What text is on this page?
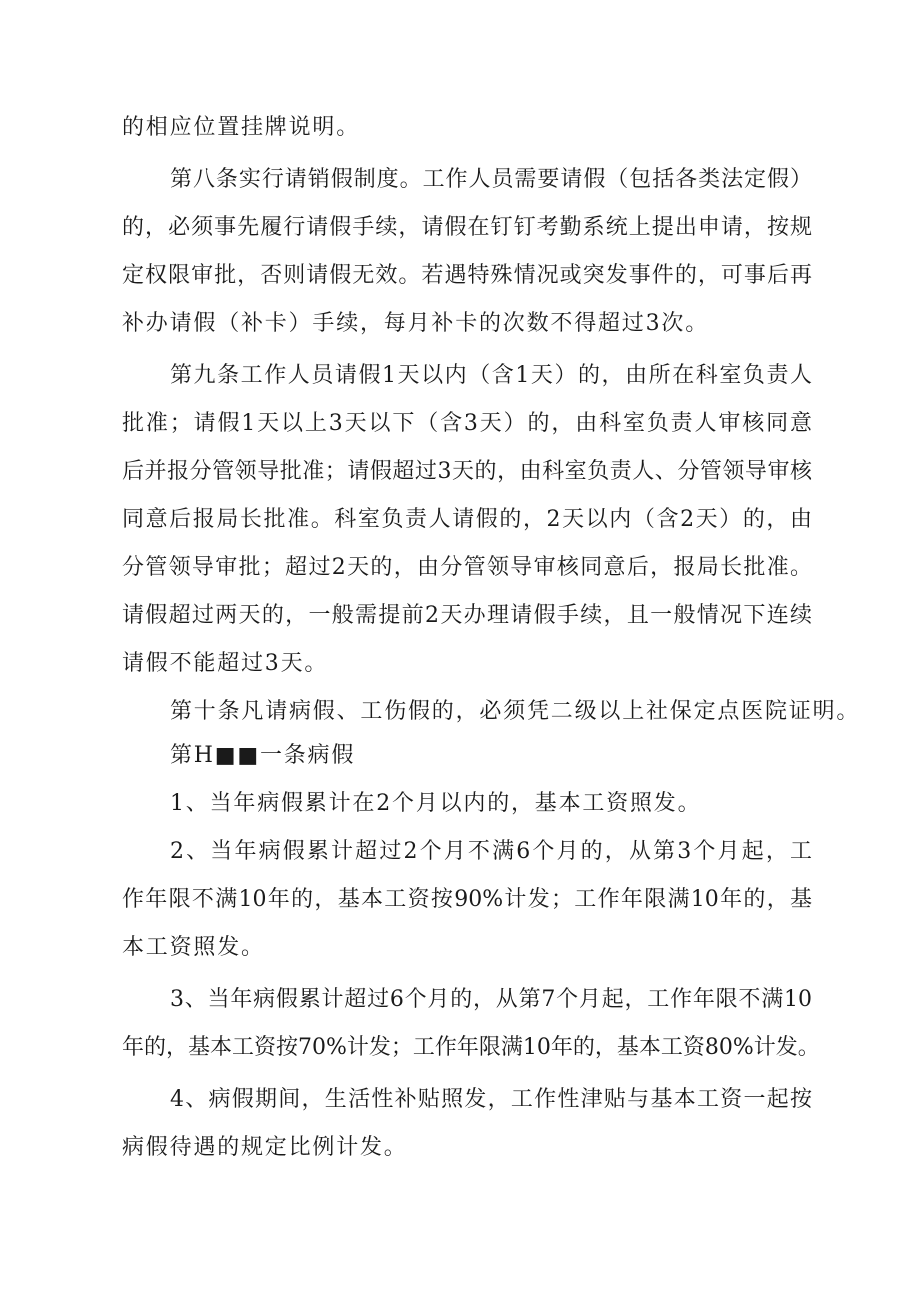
的相应位置挂牌说明。
第八条实行请销假制度。工作人员需要请假（包括各类法定假）
的，必须事先履行请假手续，请假在钉钉考勤系统上提出申请，按规
定权限审批，否则请假无效。若遇特殊情况或突发事件的，可事后再
补办请假（补卡）手续，每月补卡的次数不得超过3次。
第九条工作人员请假1天以内（含1天）的，由所在科室负责人
批准；请假1天以上3天以下（含3天）的，由科室负责人审核同意
后并报分管领导批准；请假超过3天的，由科室负责人、分管领导审核
同意后报局长批准。科室负责人请假的，2天以内（含2天）的，由
分管领导审批；超过2天的，由分管领导审核同意后，报局长批准。
请假超过两天的，一般需提前2天办理请假手续，且一般情况下连续
请假不能超过3天。
第十条凡请病假、工伤假的，必须凭二级以上社保定点医院证明。
第H■■一条病假
1、当年病假累计在2个月以内的，基本工资照发。
2、当年病假累计超过2个月不满6个月的，从第3个月起，工
作年限不满10年的，基本工资按90%计发；工作年限满10年的，基
本工资照发。
3、当年病假累计超过6个月的，从第7个月起，工作年限不满10
年的，基本工资按70%计发；工作年限满10年的，基本工资80%计发。
4、病假期间，生活性补贴照发，工作性津贴与基本工资一起按
病假待遇的规定比例计发。
